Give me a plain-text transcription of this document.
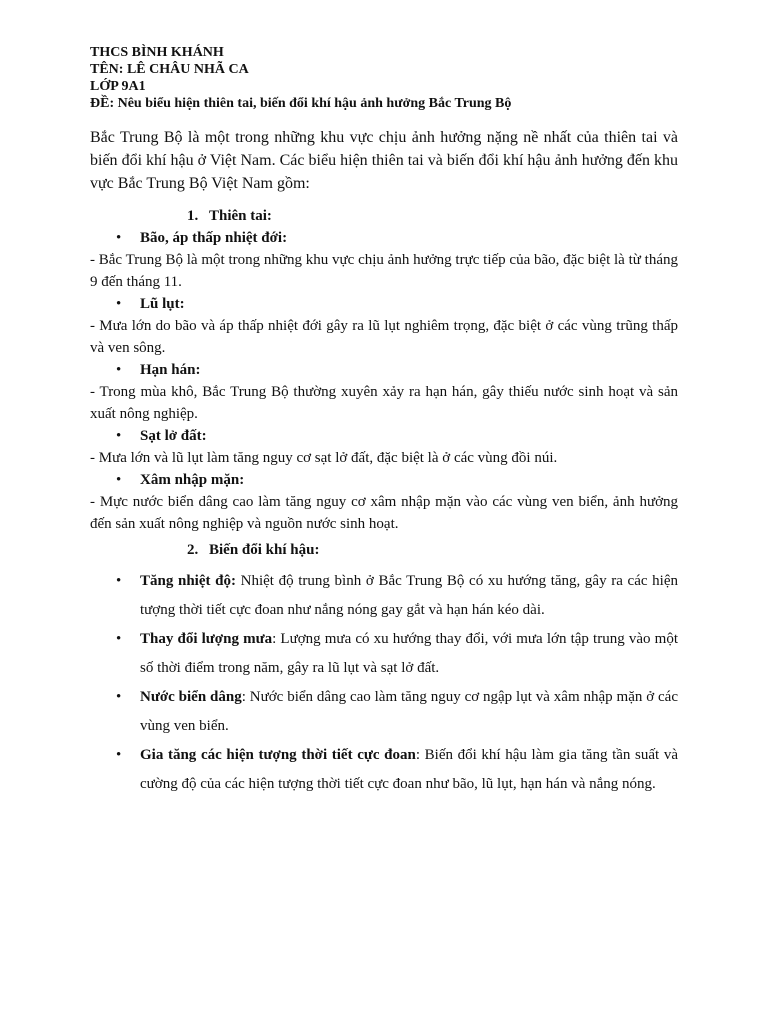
THCS BÌNH KHÁNH
TÊN: LÊ CHÂU NHÃ CA
LỚP 9A1
ĐỀ: Nêu biểu hiện thiên tai, biến đổi khí hậu ảnh hưởng Bắc Trung Bộ

Bắc Trung Bộ là một trong những khu vực chịu ảnh hưởng nặng nề nhất của thiên tai và biến đổi khí hậu ở Việt Nam. Các biểu hiện thiên tai và biến đổi khí hậu ảnh hưởng đến khu vực Bắc Trung Bộ Việt Nam gồm:

1. Thiên tai:
• Bão, áp thấp nhiệt đới:
- Bắc Trung Bộ là một trong những khu vực chịu ảnh hưởng trực tiếp của bão, đặc biệt là từ tháng 9 đến tháng 11.
• Lũ lụt:
- Mưa lớn do bão và áp thấp nhiệt đới gây ra lũ lụt nghiêm trọng, đặc biệt ở các vùng trũng thấp và ven sông.
• Hạn hán:
- Trong mùa khô, Bắc Trung Bộ thường xuyên xảy ra hạn hán, gây thiếu nước sinh hoạt và sản xuất nông nghiệp.
• Sạt lở đất:
- Mưa lớn và lũ lụt làm tăng nguy cơ sạt lở đất, đặc biệt là ở các vùng đồi núi.
• Xâm nhập mặn:
- Mực nước biển dâng cao làm tăng nguy cơ xâm nhập mặn vào các vùng ven biển, ảnh hưởng đến sản xuất nông nghiệp và nguồn nước sinh hoạt.
2. Biến đổi khí hậu:
• Tăng nhiệt độ: Nhiệt độ trung bình ở Bắc Trung Bộ có xu hướng tăng, gây ra các hiện tượng thời tiết cực đoan như nắng nóng gay gắt và hạn hán kéo dài.
• Thay đổi lượng mưa: Lượng mưa có xu hướng thay đổi, với mưa lớn tập trung vào một số thời điểm trong năm, gây ra lũ lụt và sạt lở đất.
• Nước biển dâng: Nước biển dâng cao làm tăng nguy cơ ngập lụt và xâm nhập mặn ở các vùng ven biển.
• Gia tăng các hiện tượng thời tiết cực đoan: Biến đổi khí hậu làm gia tăng tần suất và cường độ của các hiện tượng thời tiết cực đoan như bão, lũ lụt, hạn hán và nắng nóng.
